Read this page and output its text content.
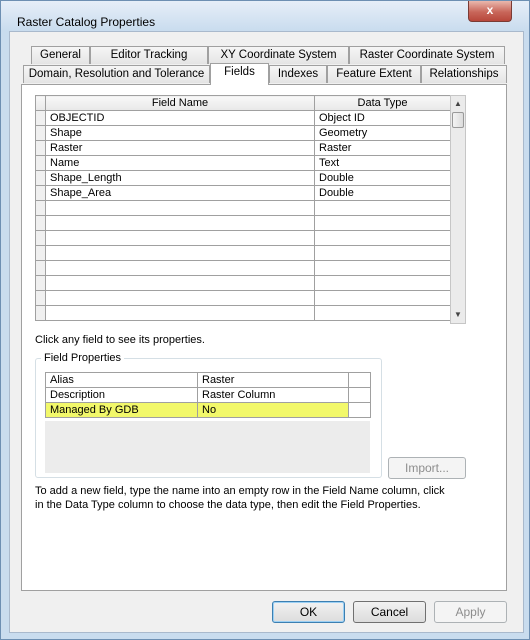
Raster Catalog Properties
x
General	Editor Tracking	XY Coordinate System	Raster Coordinate System
Domain, Resolution and Tolerance	Fields	Indexes	Feature Extent	Relationships
	Field Name	Data Type
	OBJECTID	Object ID
	Shape	Geometry
	Raster	Raster
	Name	Text
	Shape_Length	Double
	Shape_Area	Double

▲
▼
Click any field to see its properties.
Field Properties
Alias	Raster	
Description	Raster Column	
Managed By GDB	No	
Import...
To add a new field, type the name into an empty row in the Field Name column, click in the Data Type column to choose the data type, then edit the Field Properties.
OK	Cancel	Apply
